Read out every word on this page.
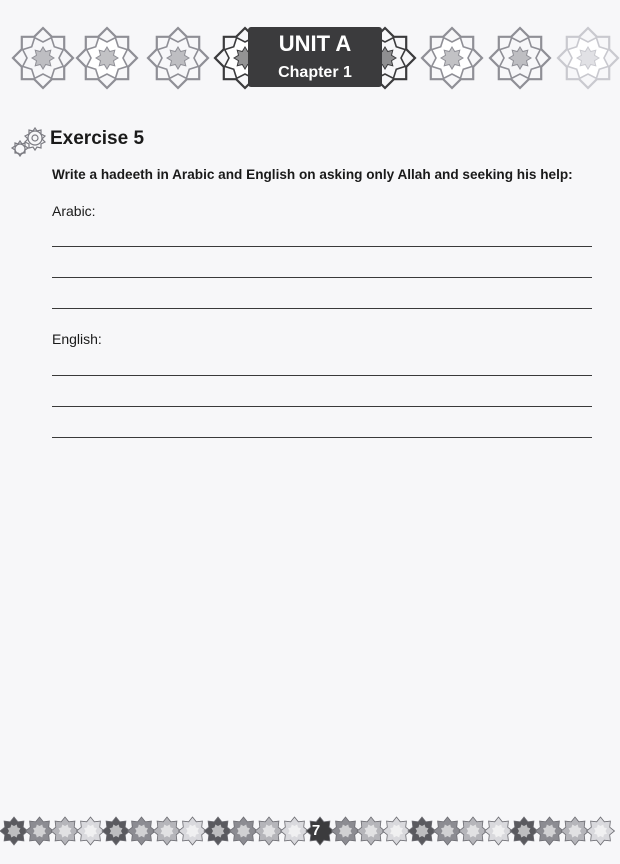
UNIT A
Chapter 1
Exercise 5
Write a hadeeth in Arabic and English on asking only Allah and seeking his help:
Arabic:
English:
7
